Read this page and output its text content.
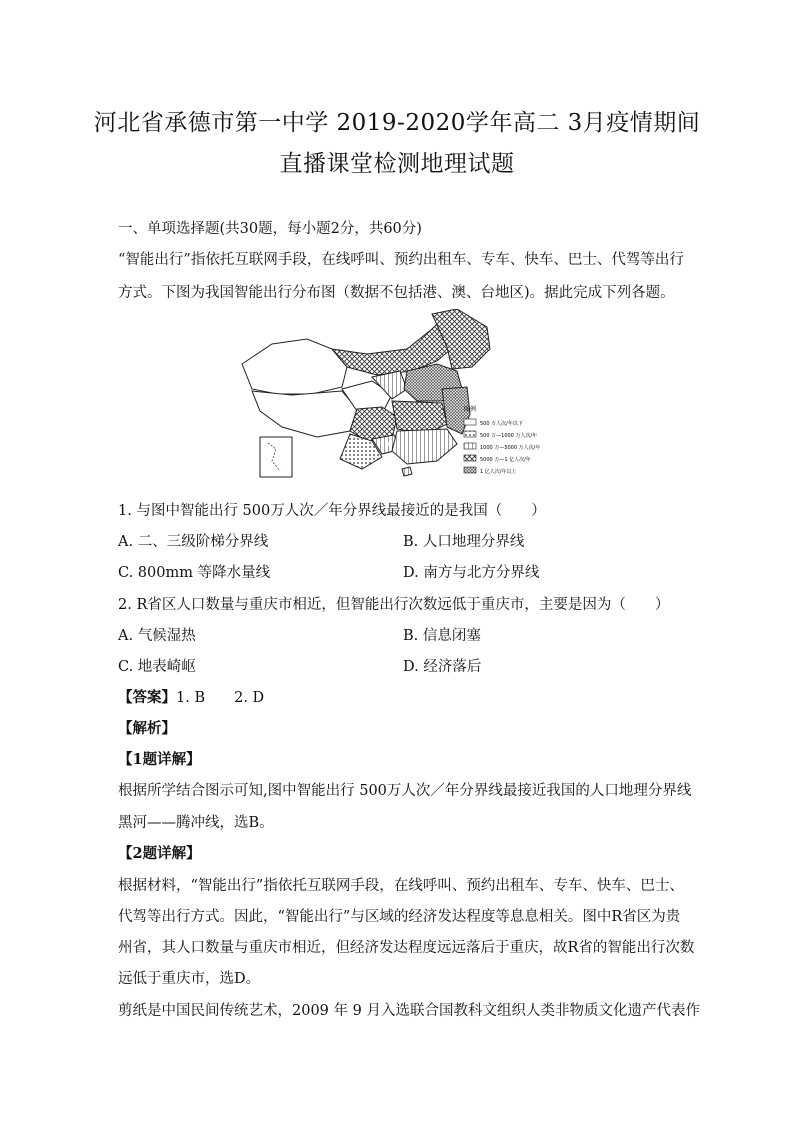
河北省承德市第一中学 2019-2020学年高二 3月疫情期间
直播课堂检测地理试题
一、单项选择题(共30题，每小题2分，共60分)
“智能出行”指依托互联网手段，在线呼叫、预约出租车、专车、快车、巴士、代驾等出行
方式。下图为我国智能出行分布图（数据不包括港、澳、台地区)。据此完成下列各题。
R
图例
500 万人次/年以下
500 万—1000 万人次/年
1000 万—5000 万人次/年
5000 万—1 亿人次/年
1 亿人次/年以上
1. 与图中智能出行 500万人次／年分界线最接近的是我国（　　）
A. 二、三级阶梯分界线	B. 人口地理分界线
C. 800mm 等降水量线	D. 南方与北方分界线
2. R省区人口数量与重庆市相近，但智能出行次数远低于重庆市，主要是因为（　　）
A. 气候湿热	B. 信息闭塞
C. 地表崎岖	D. 经济落后
【答案】1. B　　2. D
【解析】
【1题详解】
根据所学结合图示可知,图中智能出行 500万人次／年分界线最接近我国的人口地理分界线
黑河——腾冲线，选B。
【2题详解】
根据材料，“智能出行”指依托互联网手段，在线呼叫、预约出租车、专车、快车、巴士、
代驾等出行方式。因此，“智能出行”与区域的经济发达程度等息息相关。图中R省区为贵
州省，其人口数量与重庆市相近，但经济发达程度远远落后于重庆，故R省的智能出行次数
远低于重庆市，选D。
剪纸是中国民间传统艺术，2009 年 9 月入选联合国教科文组织人类非物质文化遗产代表作
